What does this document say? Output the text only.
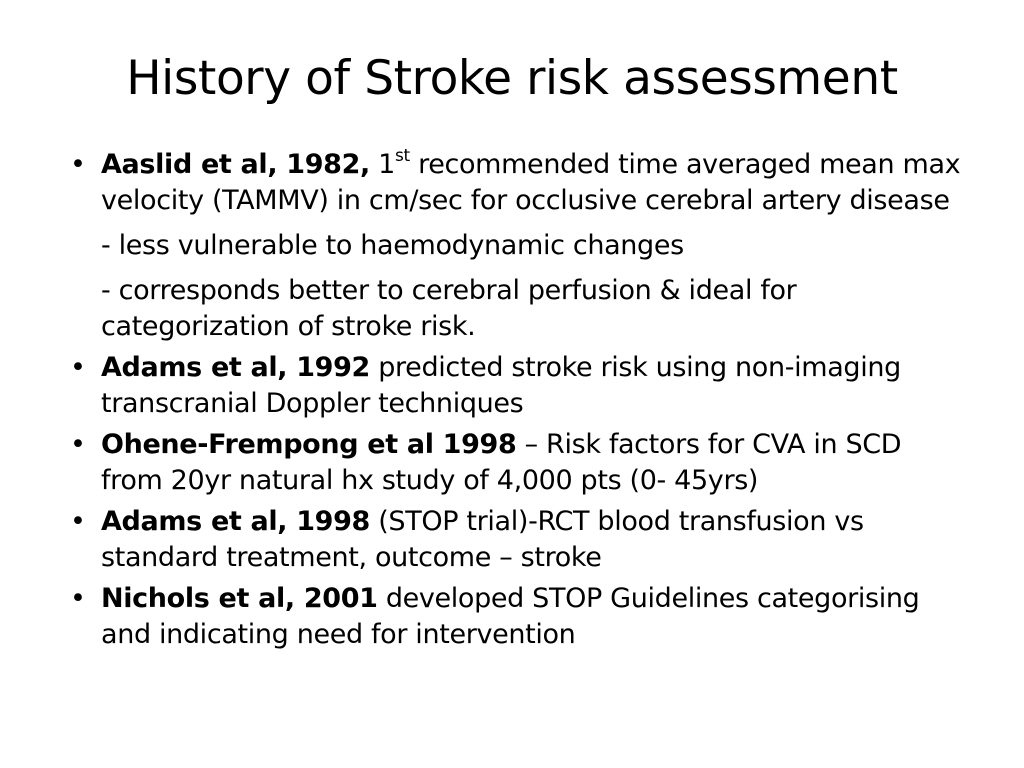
History of Stroke risk assessment
• Aaslid et al, 1982, 1st recommended time averaged mean max velocity (TAMMV) in cm/sec for occlusive cerebral artery disease
- less vulnerable to haemodynamic changes
- corresponds better to cerebral perfusion & ideal for categorization of stroke risk.
• Adams et al, 1992 predicted stroke risk using non-imaging transcranial Doppler techniques
• Ohene-Frempong et al 1998 – Risk factors for CVA in SCD from 20yr natural hx study of 4,000 pts (0- 45yrs)
• Adams et al, 1998 (STOP trial)-RCT blood transfusion vs standard treatment, outcome – stroke
• Nichols et al, 2001 developed STOP Guidelines categorising and indicating need for intervention
